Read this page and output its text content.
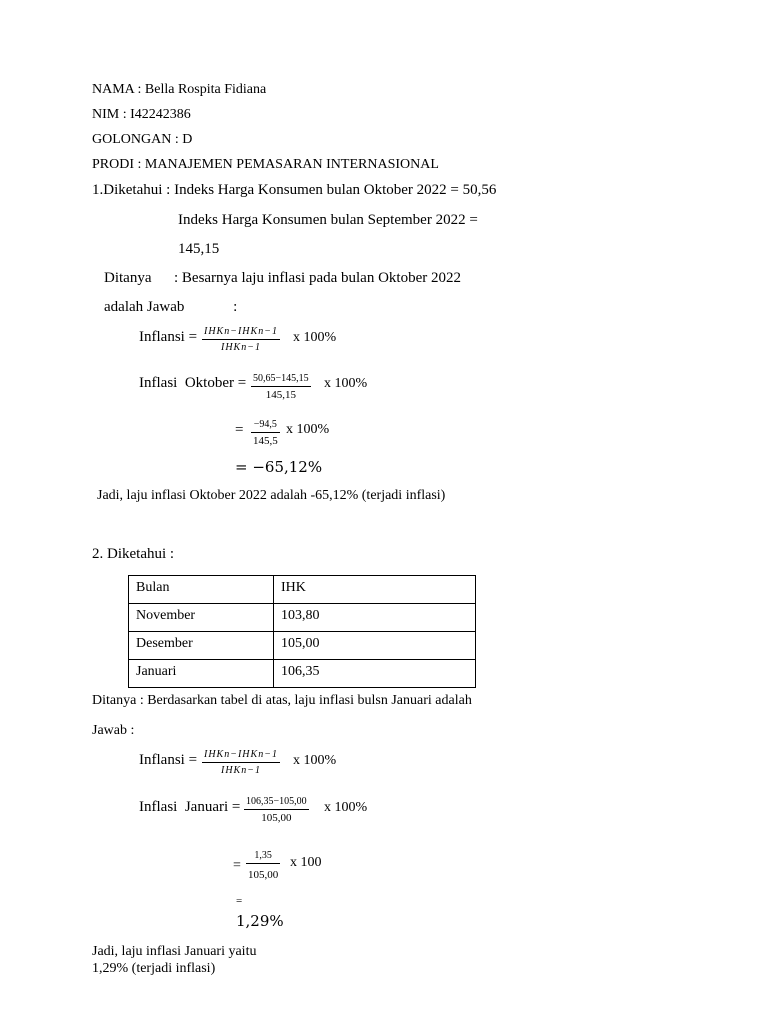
NAMA : Bella Rospita Fidiana
NIM : I42242386
GOLONGAN : D
PRODI : MANAJEMEN PEMASARAN INTERNASIONAL
1.Diketahui : Indeks Harga Konsumen bulan Oktober 2022 = 50,56
Indeks Harga Konsumen bulan September 2022 =
145,15
Ditanya      : Besarnya laju inflasi pada bulan Oktober 2022
adalah Jawab             :
Inflansi = IHKn−IHKn−1
IHKn−1
x 100%
Inflasi  Oktober = 50,65−145,15
145,15
x 100%
= −94,5
145,5
x 100%
= −65,12%
Jadi, laju inflasi Oktober 2022 adalah -65,12% (terjadi inflasi)
2. Diketahui :
Bulan	IHK
November	103,80
Desember	105,00
Januari	106,35
Ditanya : Berdasarkan tabel di atas, laju inflasi bulsn Januari adalah
Jawab :
Inflansi = IHKn−IHKn−1
IHKn−1
x 100%
Inflasi  Januari = 106,35−105,00
105,00
x 100%
=
1,35
105,00
x 100
=
1,29%
Jadi, laju inflasi Januari yaitu
1,29% (terjadi inflasi)
